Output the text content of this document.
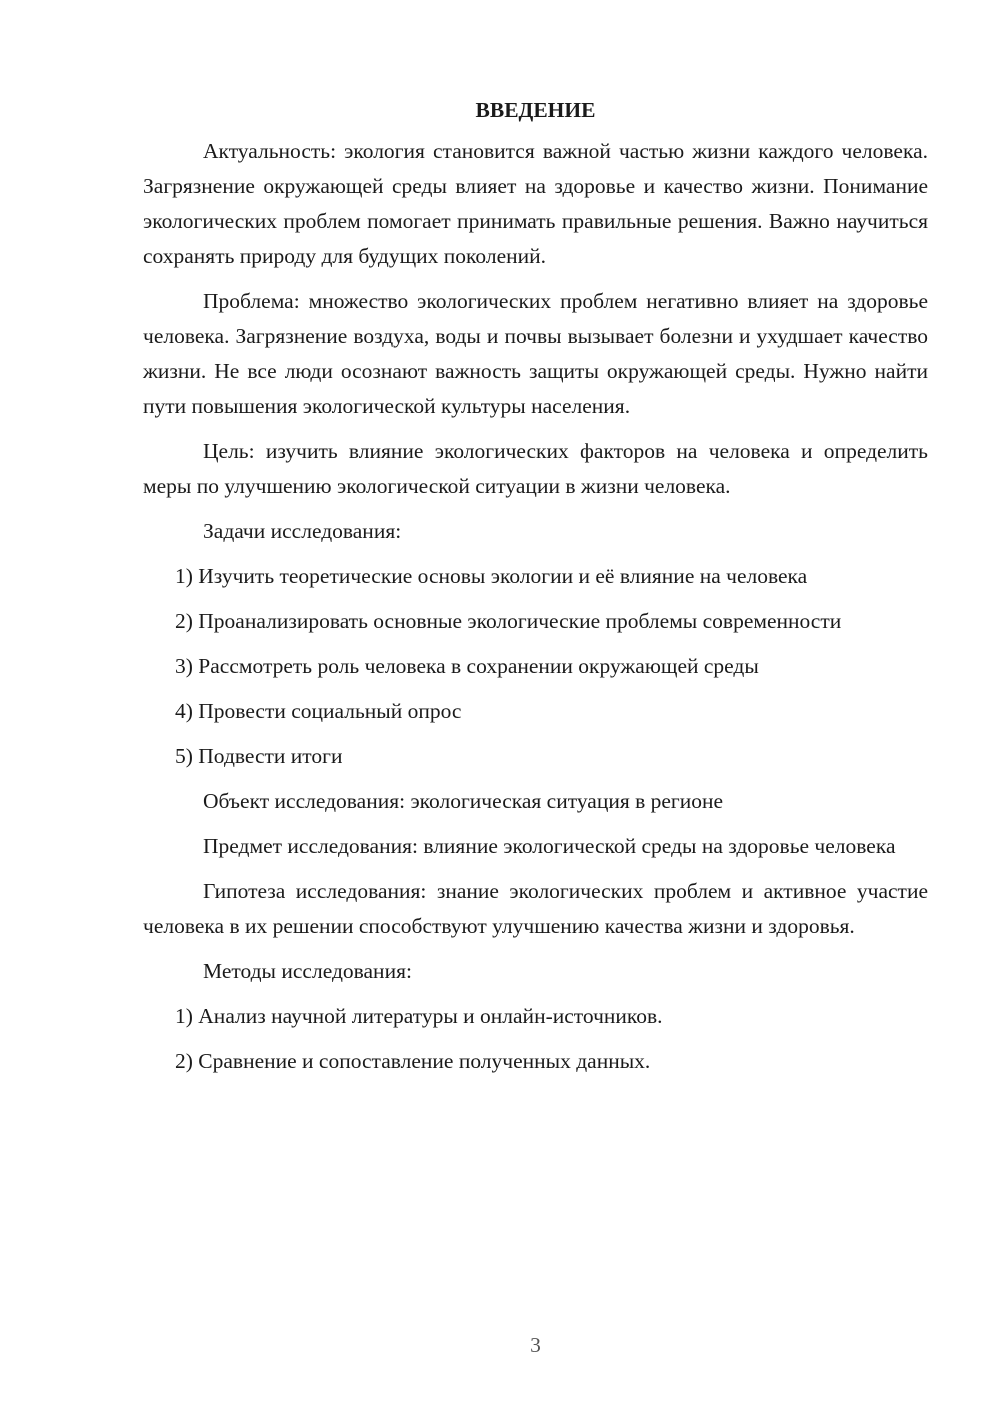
ВВЕДЕНИЕ
Актуальность: экология становится важной частью жизни каждого человека. Загрязнение окружающей среды влияет на здоровье и качество жизни. Понимание экологических проблем помогает принимать правильные решения. Важно научиться сохранять природу для будущих поколений.
Проблема: множество экологических проблем негативно влияет на здоровье человека. Загрязнение воздуха, воды и почвы вызывает болезни и ухудшает качество жизни. Не все люди осознают важность защиты окружающей среды. Нужно найти пути повышения экологической культуры населения.
Цель: изучить влияние экологических факторов на человека и определить меры по улучшению экологической ситуации в жизни человека.
Задачи исследования:
1) Изучить теоретические основы экологии и её влияние на человека
2) Проанализировать основные экологические проблемы современности
3) Рассмотреть роль человека в сохранении окружающей среды
4) Провести социальный опрос
5) Подвести итоги
Объект исследования: экологическая ситуация в регионе
Предмет исследования: влияние экологической среды на здоровье человека
Гипотеза исследования: знание экологических проблем и активное участие человека в их решении способствуют улучшению качества жизни и здоровья.
Методы исследования:
1) Анализ научной литературы и онлайн-источников.
2) Сравнение и сопоставление полученных данных.
3
